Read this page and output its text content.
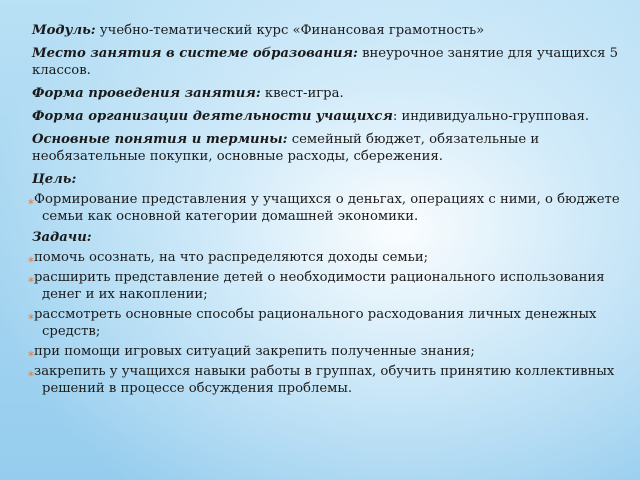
Модуль: учебно-тематический курс «Финансовая грамотность»

Место занятия в системе образования: внеурочное занятие для учащихся 5 классов.

Форма проведения занятия: квест-игра.

Форма организации деятельности учащихся: индивидуально-групповая.

Основные понятия и термины: семейный бюджет, обязательные и необязательные покупки, основные расходы, сбережения.

Цель:

⁎ Формирование представления у учащихся о деньгах, операциях с ними, о бюджете семьи как основной категории домашней экономики.

Задачи:

⁎ помочь осознать, на что распределяются доходы семьи;
⁎ расширить представление детей о необходимости рационального использования денег и их накоплении;
⁎ рассмотреть основные способы рационального расходования личных денежных средств;
⁎ при помощи игровых ситуаций закрепить полученные знания;
⁎ закрепить у учащихся навыки работы в группах, обучить принятию коллективных решений в процессе обсуждения проблемы.
